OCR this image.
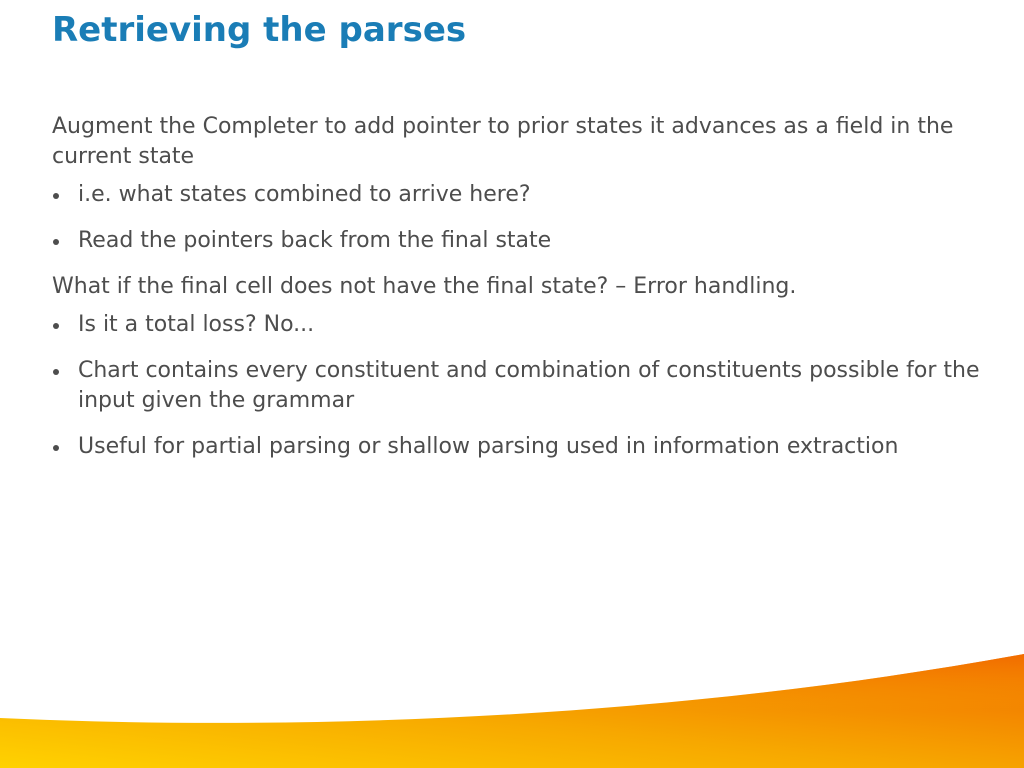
Retrieving the parses

Augment the Completer to add pointer to prior states it advances as a field in the current state

i.e. what states combined to arrive here?
Read the pointers back from the final state

What if the final cell does not have the final state? – Error handling.

Is it a total loss? No...
Chart contains every constituent and combination of constituents possible for the input given the grammar
Useful for partial parsing or shallow parsing used in information extraction
